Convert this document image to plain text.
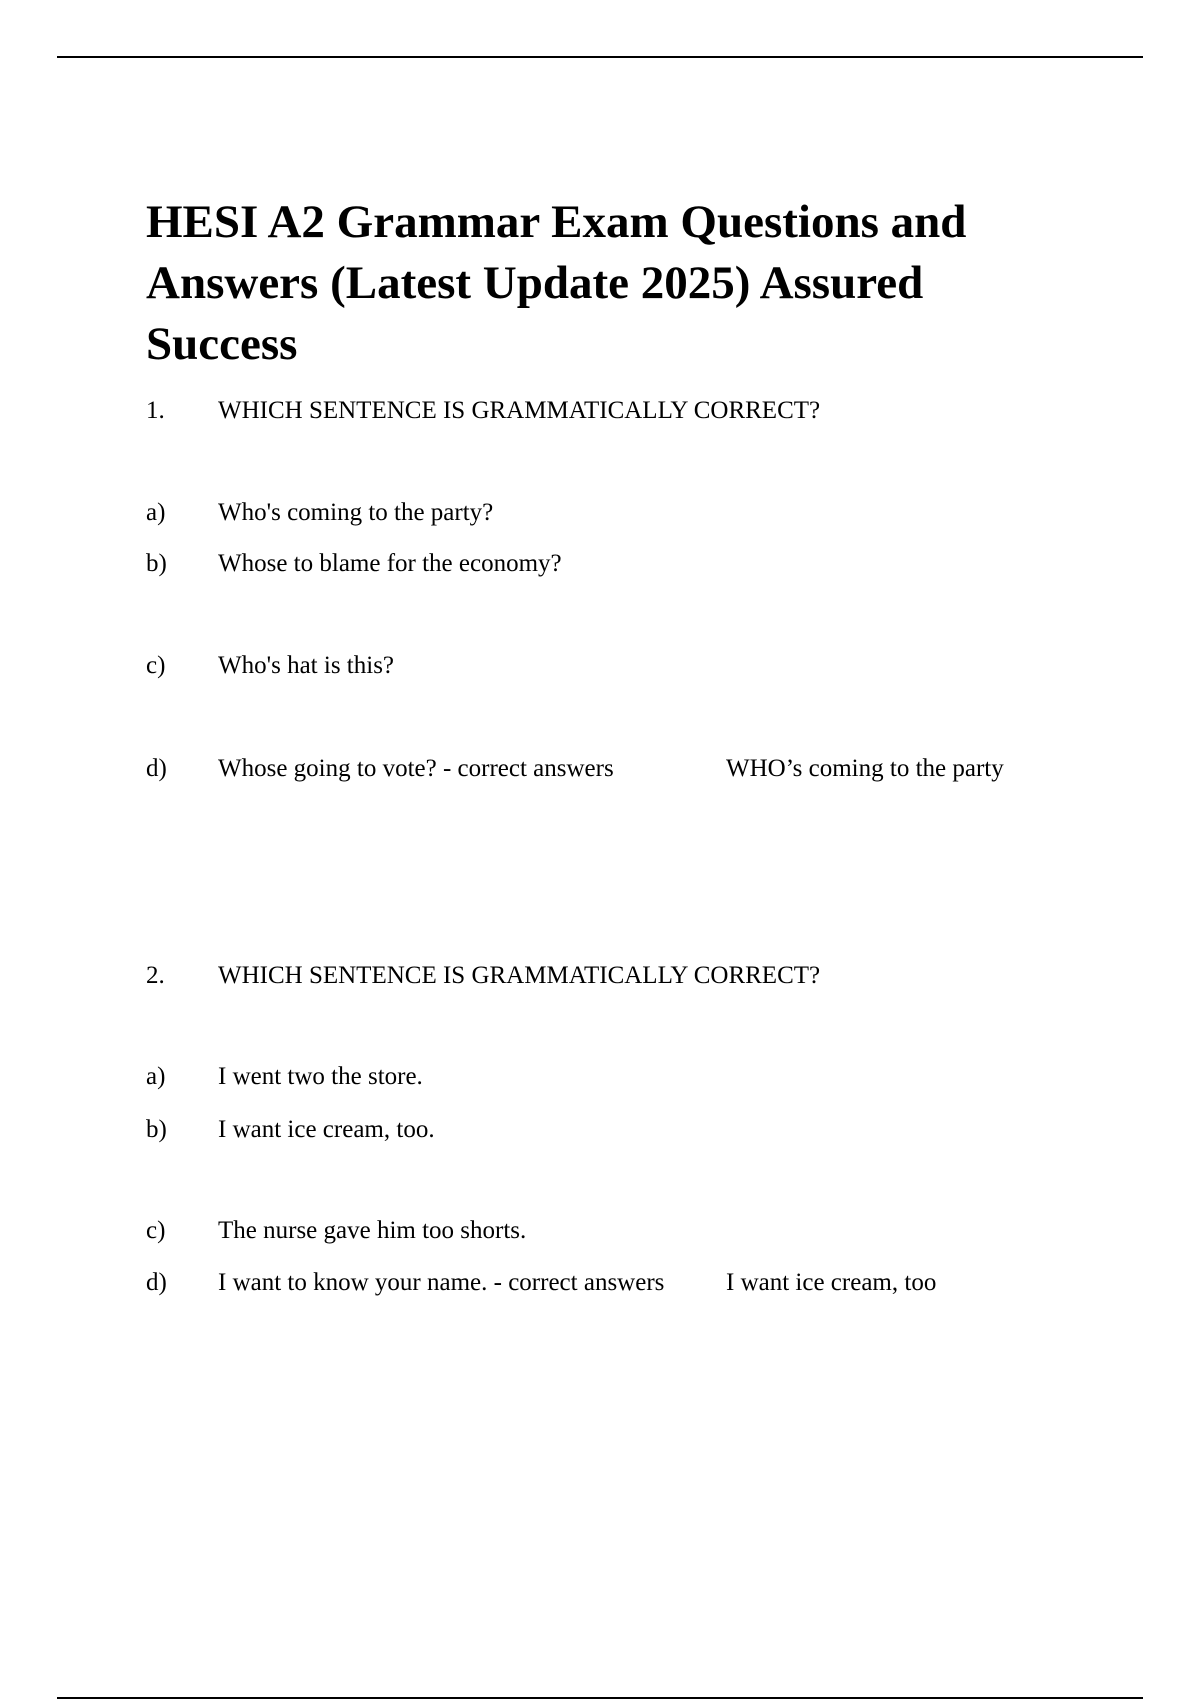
HESI A2 Grammar Exam Questions and Answers (Latest Update 2025) Assured Success
1. WHICH SENTENCE IS GRAMMATICALLY CORRECT?
a) Who's coming to the party?
b) Whose to blame for the economy?
c) Who's hat is this?
d) Whose going to vote? - correct answers	WHO’s coming to the party
2. WHICH SENTENCE IS GRAMMATICALLY CORRECT?
a) I went two the store.
b) I want ice cream, too.
c) The nurse gave him too shorts.
d) I want to know your name. - correct answers I want ice cream, too
